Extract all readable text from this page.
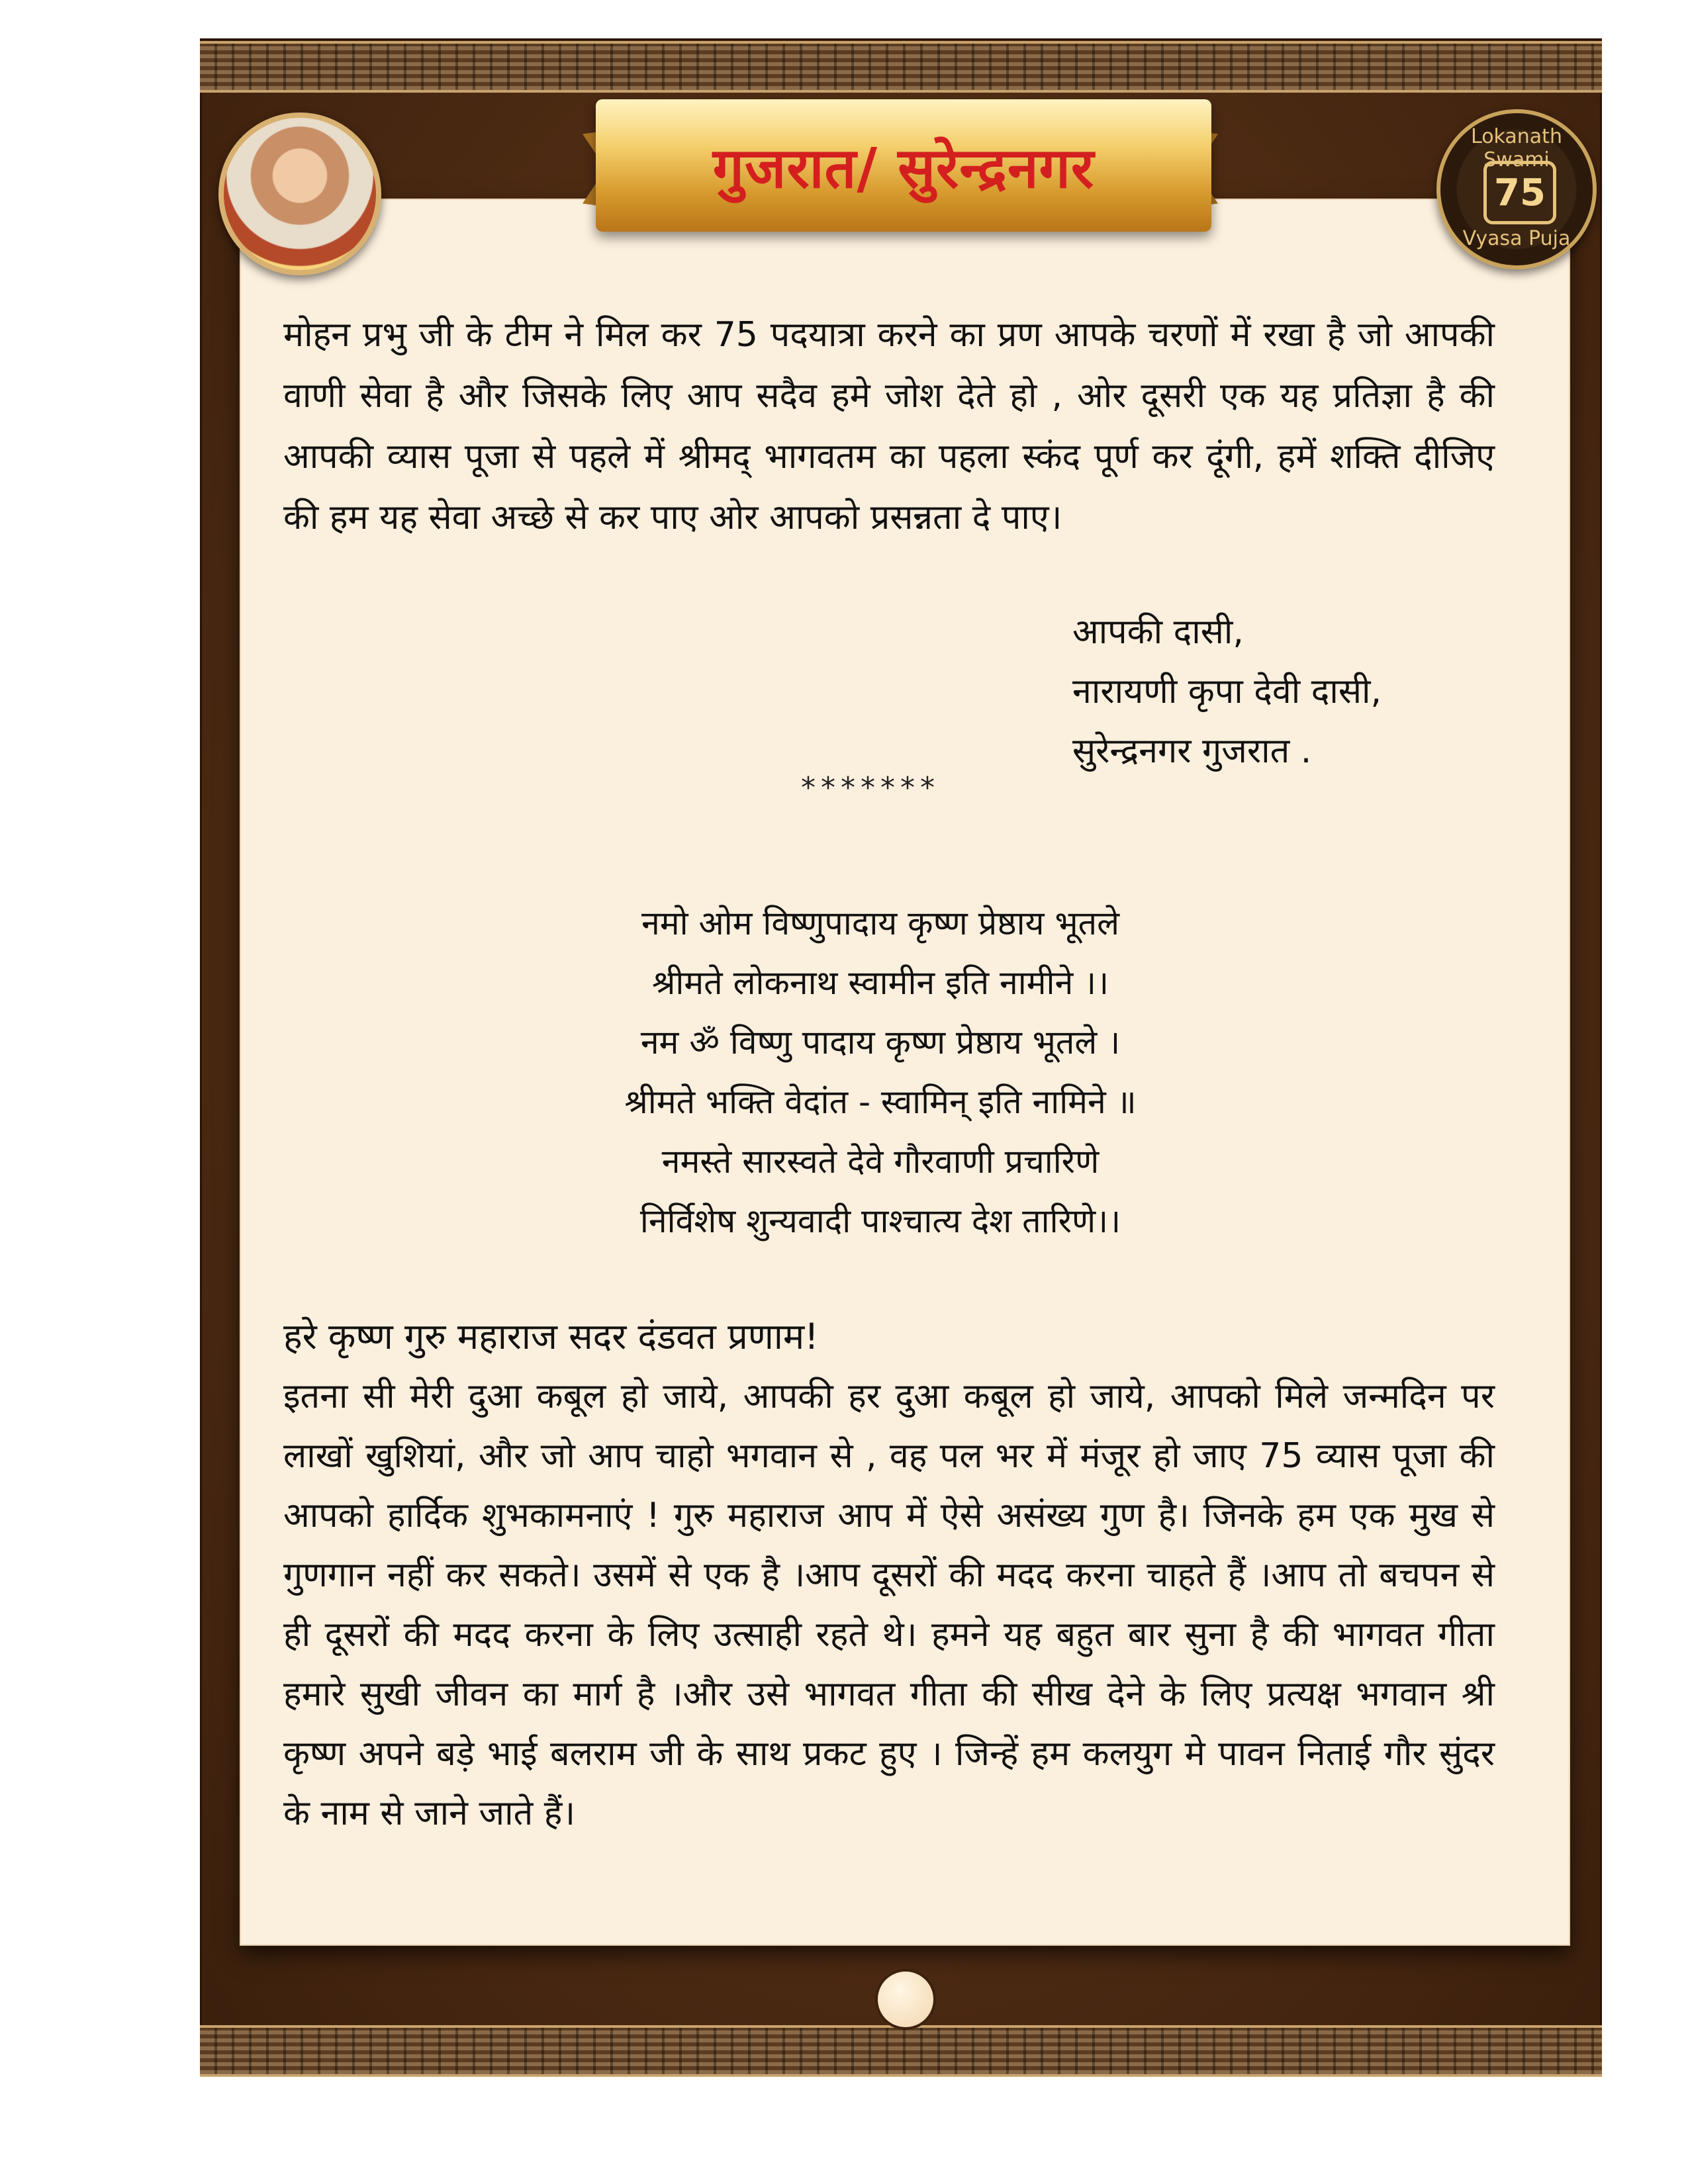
गुजरात/ सुरेन्द्रनगर	Lokanath Swami
75
Vyasa Puja

मोहन प्रभु जी के टीम ने मिल कर 75 पदयात्रा करने का प्रण आपके चरणों में रखा है जो आपकी वाणी सेवा है और जिसके लिए आप सदैव हमे जोश देते हो , ओर दूसरी एक यह प्रतिज्ञा है की आपकी व्यास पूजा से पहले में श्रीमद् भागवतम का पहला स्कंद पूर्ण कर दूंगी, हमें शक्ति दीजिए की हम यह सेवा अच्छे से कर पाए ओर आपको प्रसन्नता दे पाए।

आपकी दासी,
नारायणी कृपा देवी दासी,
सुरेन्द्रनगर गुजरात .
*******
नमो ओम विष्णुपादाय कृष्ण प्रेष्ठाय भूतले
श्रीमते लोकनाथ स्वामीन इति नामीने ।।
नम ॐ विष्णु पादाय कृष्ण प्रेष्ठाय भूतले ।
श्रीमते भक्ति वेदांत - स्वामिन् इति नामिने ॥
नमस्ते सारस्वते देवे गौरवाणी प्रचारिणे
निर्विशेष शुन्यवादी पाश्चात्य देश तारिणे।।
हरे कृष्ण गुरु महाराज सदर दंडवत प्रणाम!

इतना सी मेरी दुआ कबूल हो जाये, आपकी हर दुआ कबूल हो जाये, आपको मिले जन्मदिन पर लाखों खुशियां, और जो आप चाहो भगवान से , वह पल भर में मंजूर हो जाए 75 व्यास पूजा की आपको हार्दिक शुभकामनाएं ! गुरु महाराज आप में ऐसे असंख्य गुण है। जिनके हम एक मुख से गुणगान नहीं कर सकते। उसमें से एक है ।आप दूसरों की मदद करना चाहते हैं ।आप तो बचपन से ही दूसरों की मदद करना के लिए उत्साही रहते थे। हमने यह बहुत बार सुना है की भागवत गीता हमारे सुखी जीवन का मार्ग है ।और उसे भागवत गीता की सीख देने के लिए प्रत्यक्ष भगवान श्री कृष्ण अपने बड़े भाई बलराम जी के साथ प्रकट हुए । जिन्हें हम कलयुग मे पावन निताई गौर सुंदर के नाम से जाने जाते हैं।
